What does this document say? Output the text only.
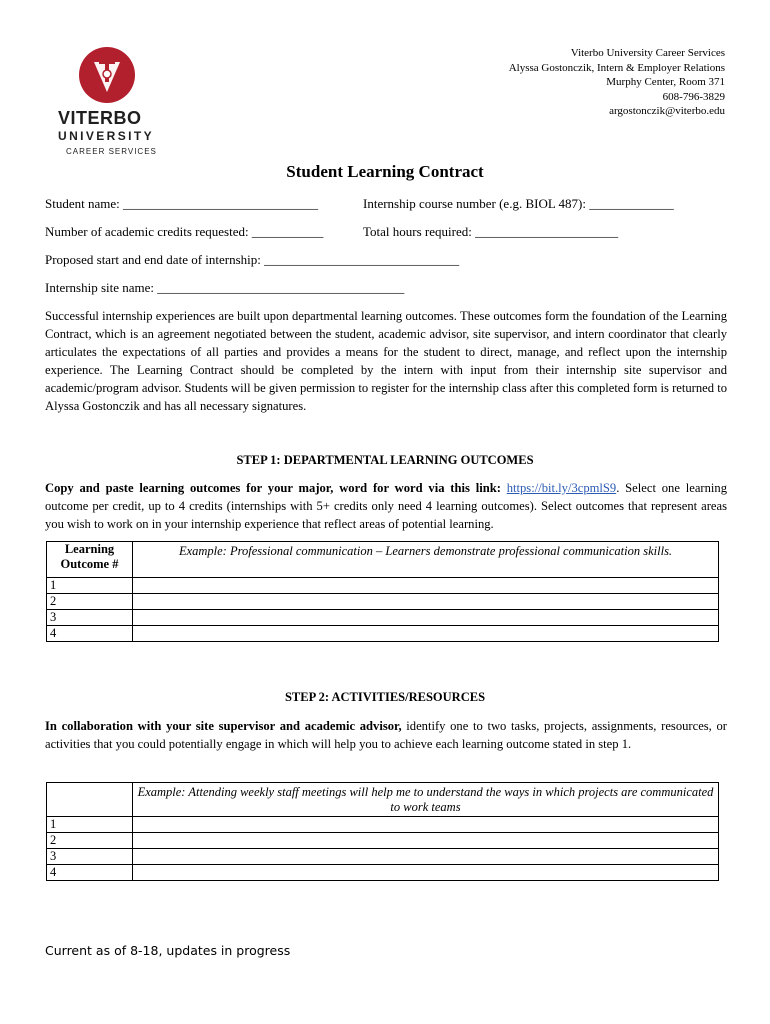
VITERBO
UNIVERSITY
CAREER SERVICES
Viterbo University Career Services
Alyssa Gostonczik, Intern & Employer Relations
Murphy Center, Room 371
608-796-3829
argostonczik@viterbo.edu
Student Learning Contract
Student name: ______________________________	Internship course number (e.g. BIOL 487): _____________
Number of academic credits requested: ___________	Total hours required: ______________________
Proposed start and end date of internship: ______________________________
Internship site name: ______________________________________
Successful internship experiences are built upon departmental learning outcomes. These outcomes form the foundation of the Learning Contract, which is an agreement negotiated between the student, academic advisor, site supervisor, and intern coordinator that clearly articulates the expectations of all parties and provides a means for the student to direct, manage, and reflect upon the internship experience. The Learning Contract should be completed by the intern with input from their internship site supervisor and academic/program advisor. Students will be given permission to register for the internship class after this completed form is returned to Alyssa Gostonczik and has all necessary signatures.
STEP 1: DEPARTMENTAL LEARNING OUTCOMES
Copy and paste learning outcomes for your major, word for word via this link: https://bit.ly/3cpmlS9. Select one learning outcome per credit, up to 4 credits (internships with 5+ credits only need 4 learning outcomes). Select outcomes that represent areas you wish to work on in your internship experience that reflect areas of potential learning.
Learning Outcome #	Example: Professional communication – Learners demonstrate professional communication skills.
1	
2	
3	
4	
STEP 2: ACTIVITIES/RESOURCES
In collaboration with your site supervisor and academic advisor, identify one to two tasks, projects, assignments, resources, or activities that you could potentially engage in which will help you to achieve each learning outcome stated in step 1.
	Example: Attending weekly staff meetings will help me to understand the ways in which projects are communicated to work teams
1	
2	
3	
4	
Current as of 8-18, updates in progress
